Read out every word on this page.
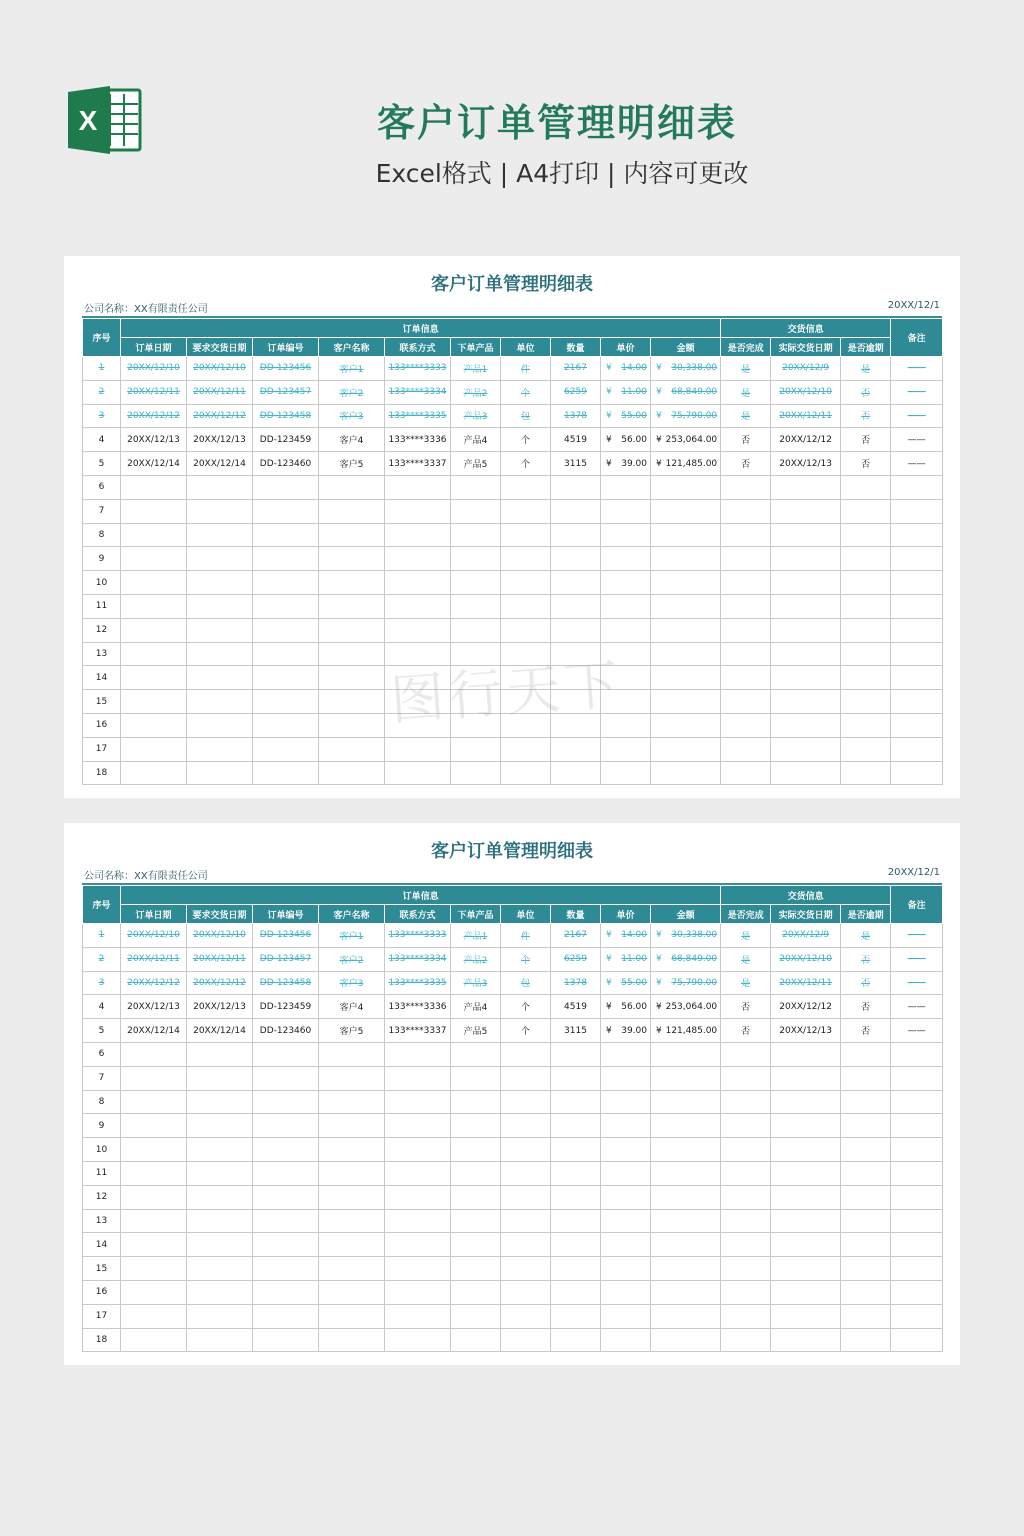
X	客户订单管理明细表
Excel格式 | A4打印 | 内容可更改
客户订单管理明细表
公司名称：XX有限责任公司	20XX/12/1
序号	订单信息										交货信息			备注
	订单日期	要求交货日期	订单编号	客户名称	联系方式	下单产品	单位	数量	单价	金额	是否完成	实际交货日期	是否逾期	
1	20XX/12/10	20XX/12/10	DD-123456	客户1	133****3333	产品1	件	2167	¥ 14.00	¥ 30,338.00	是	20XX/12/9	是	——
2	20XX/12/11	20XX/12/11	DD-123457	客户2	133****3334	产品2	个	6259	¥ 11.00	¥ 68,849.00	是	20XX/12/10	否	——
3	20XX/12/12	20XX/12/12	DD-123458	客户3	133****3335	产品3	包	1378	¥ 55.00	¥ 75,790.00	是	20XX/12/11	否	——
4	20XX/12/13	20XX/12/13	DD-123459	客户4	133****3336	产品4	个	4519	¥ 56.00	¥ 253,064.00	否	20XX/12/12	否	——
5	20XX/12/14	20XX/12/14	DD-123460	客户5	133****3337	产品5	个	3115	¥ 39.00	¥ 121,485.00	否	20XX/12/13	否	——
6														
7														
8														
9														
10														
11														
12														
13														
14														
15														
16														
17														
18														
客户订单管理明细表
公司名称：XX有限责任公司	20XX/12/1
序号	订单信息										交货信息			备注
	订单日期	要求交货日期	订单编号	客户名称	联系方式	下单产品	单位	数量	单价	金额	是否完成	实际交货日期	是否逾期	
1	20XX/12/10	20XX/12/10	DD-123456	客户1	133****3333	产品1	件	2167	¥ 14.00	¥ 30,338.00	是	20XX/12/9	是	——
2	20XX/12/11	20XX/12/11	DD-123457	客户2	133****3334	产品2	个	6259	¥ 11.00	¥ 68,849.00	是	20XX/12/10	否	——
3	20XX/12/12	20XX/12/12	DD-123458	客户3	133****3335	产品3	包	1378	¥ 55.00	¥ 75,790.00	是	20XX/12/11	否	——
4	20XX/12/13	20XX/12/13	DD-123459	客户4	133****3336	产品4	个	4519	¥ 56.00	¥ 253,064.00	否	20XX/12/12	否	——
5	20XX/12/14	20XX/12/14	DD-123460	客户5	133****3337	产品5	个	3115	¥ 39.00	¥ 121,485.00	否	20XX/12/13	否	——
6														
7														
8														
9														
10														
11														
12														
13														
14														
15														
16														
17														
18														
图行天下
